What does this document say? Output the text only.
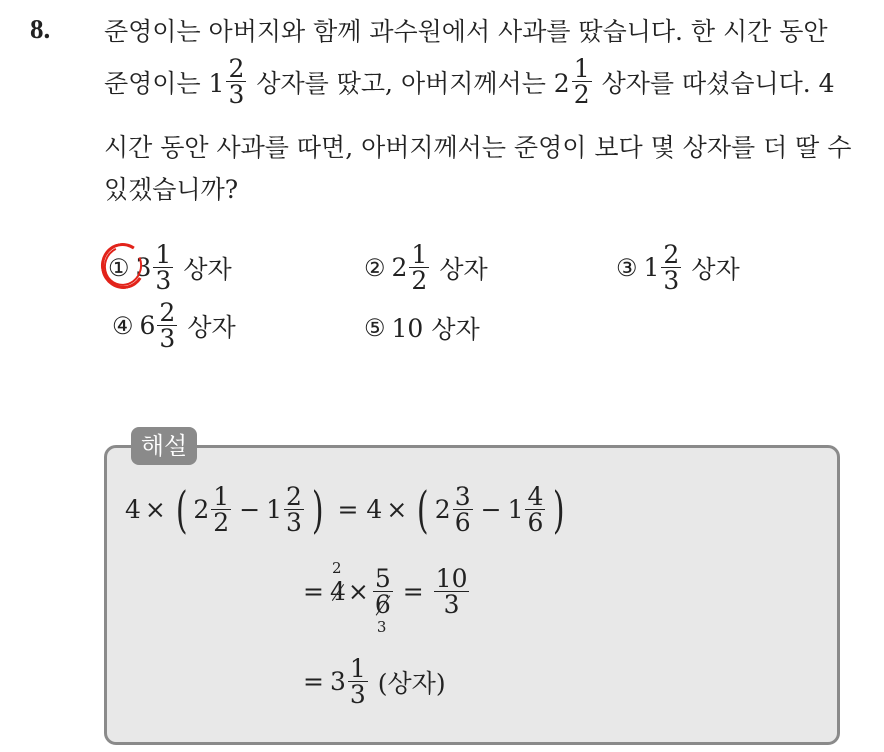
8. 준영이는 아버지와 함께 과수원에서 사과를 땄습니다. 한 시간 동안
준영이는 $1 \frac{2}{3}$ 상자를 땄고, 아버지께서는 $2 \frac{1}{2}$ 상자를 따셨습니다. 4
시간 동안 사과를 따면, 아버지께서는 준영이 보다 몇 상자를 더 딸 수
있겠습니까?
① $3 \frac{1}{3}$ 상자	② $2 \frac{1}{2}$ 상자	③ $1 \frac{2}{3}$ 상자
④ $6 \frac{2}{3}$ 상자	⑤ 10 상자
해설
4 × ( $2 \frac{1}{2} - 1 \frac{2}{3}$ ) = 4 × ( $2 \frac{3}{6} - 1 \frac{4}{6}$ )
=
2
4 × 5
6
$3 = \frac{10}{3}$
= $3 \frac{1}{3}$ (상자)
